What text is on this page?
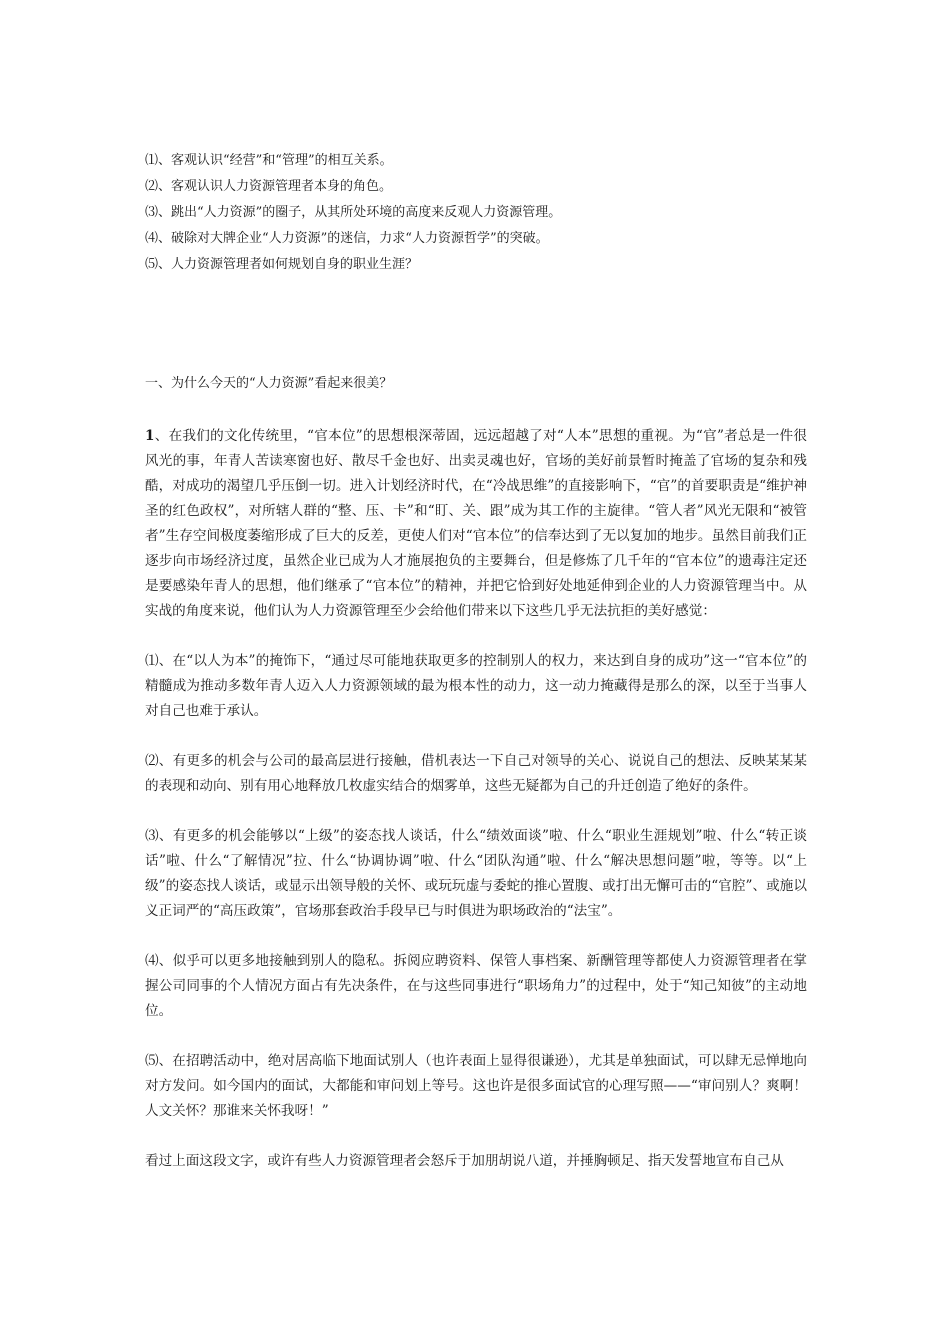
⑴、客观认识“经营”和“管理”的相互关系。

⑵、客观认识人力资源管理者本身的角色。

⑶、跳出“人力资源”的圈子，从其所处环境的高度来反观人力资源管理。

⑷、破除对大牌企业“人力资源”的迷信，力求“人力资源哲学”的突破。

⑸、人力资源管理者如何规划自身的职业生涯？

一、为什么今天的“人力资源”看起来很美？

1、在我们的文化传统里，“官本位”的思想根深蒂固，远远超越了对“人本”思想的重视。为“官”者总是一件很风光的事，年青人苦读寒窗也好、散尽千金也好、出卖灵魂也好，官场的美好前景暂时掩盖了官场的复杂和残酷，对成功的渴望几乎压倒一切。进入计划经济时代，在“冷战思维”的直接影响下，“官”的首要职责是“维护神圣的红色政权”，对所辖人群的“整、压、卡”和“盯、关、跟”成为其工作的主旋律。“管人者”风光无限和“被管者”生存空间极度萎缩形成了巨大的反差，更使人们对“官本位”的信奉达到了无以复加的地步。虽然目前我们正逐步向市场经济过度，虽然企业已成为人才施展抱负的主要舞台，但是修炼了几千年的“官本位”的遗毒注定还是要感染年青人的思想，他们继承了“官本位”的精神，并把它恰到好处地延伸到企业的人力资源管理当中。从实战的角度来说，他们认为人力资源管理至少会给他们带来以下这些几乎无法抗拒的美好感觉：

⑴、在“以人为本”的掩饰下，“通过尽可能地获取更多的控制别人的权力，来达到自身的成功”这一“官本位”的精髓成为推动多数年青人迈入人力资源领域的最为根本性的动力，这一动力掩藏得是那么的深，以至于当事人对自己也难于承认。

⑵、有更多的机会与公司的最高层进行接触，借机表达一下自己对领导的关心、说说自己的想法、反映某某某的表现和动向、别有用心地释放几枚虚实结合的烟雾单，这些无疑都为自己的升迁创造了绝好的条件。

⑶、有更多的机会能够以“上级”的姿态找人谈话，什么“绩效面谈”啦、什么“职业生涯规划”啦、什么“转正谈话”啦、什么“了解情况”拉、什么“协调协调”啦、什么“团队沟通”啦、什么“解决思想问题”啦，等等。以“上级”的姿态找人谈话，或显示出领导般的关怀、或玩玩虚与委蛇的推心置腹、或打出无懈可击的“官腔”、或施以义正词严的“高压政策”，官场那套政治手段早已与时俱进为职场政治的“法宝”。

⑷、似乎可以更多地接触到别人的隐私。拆阅应聘资料、保管人事档案、新酬管理等都使人力资源管理者在掌握公司同事的个人情况方面占有先决条件，在与这些同事进行“职场角力”的过程中，处于“知己知彼”的主动地位。

⑸、在招聘活动中，绝对居高临下地面试别人（也许表面上显得很谦逊），尤其是单独面试，可以肆无忌惮地向对方发问。如今国内的面试，大都能和审问划上等号。这也许是很多面试官的心理写照——“审问别人？爽啊！人文关怀？那谁来关怀我呀！”

看过上面这段文字，或许有些人力资源管理者会怒斥于加朋胡说八道，并捶胸顿足、指天发誓地宣布自己从
